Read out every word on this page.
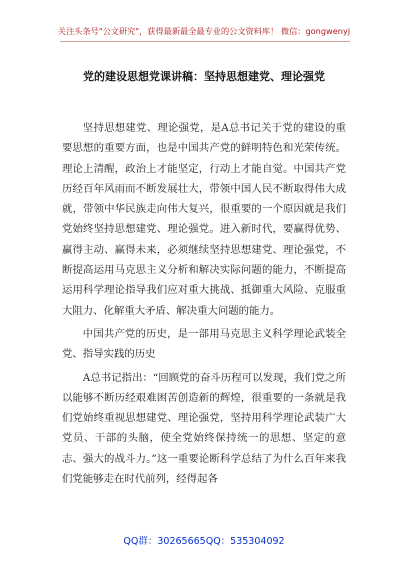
关注头条号"公文研究"，获得最新最全最专业的公文资料库！ 微信：gongwenyj
党的建设思想党课讲稿：坚持思想建党、理论强党

坚持思想建党、理论强党，是A总书记关于党的建设的重要思想的重要方面，也是中国共产党的鲜明特色和光荣传统。理论上清醒，政治上才能坚定，行动上才能自觉。中国共产党历经百年风雨而不断发展壮大，带领中国人民不断取得伟大成就，带领中华民族走向伟大复兴，很重要的一个原因就是我们党始终坚持思想建党、理论强党。进入新时代，要赢得优势、赢得主动、赢得未来，必须继续坚持思想建党、理论强党，不断提高运用马克思主义分析和解决实际问题的能力，不断提高运用科学理论指导我们应对重大挑战、抵御重大风险、克服重大阻力、化解重大矛盾、解决重大问题的能力。

中国共产党的历史，是一部用马克思主义科学理论武装全党、指导实践的历史

A总书记指出：“回顾党的奋斗历程可以发现，我们党之所以能够不断历经艰难困苦创造新的辉煌，很重要的一条就是我们党始终重视思想建党、理论强党，坚持用科学理论武装广大党员、干部的头脑，使全党始终保持统一的思想、坚定的意志、强大的战斗力。”这一重要论断科学总结了为什么百年来我们党能够走在时代前列，经得起各

QQ群：30265665QQ：535304092
